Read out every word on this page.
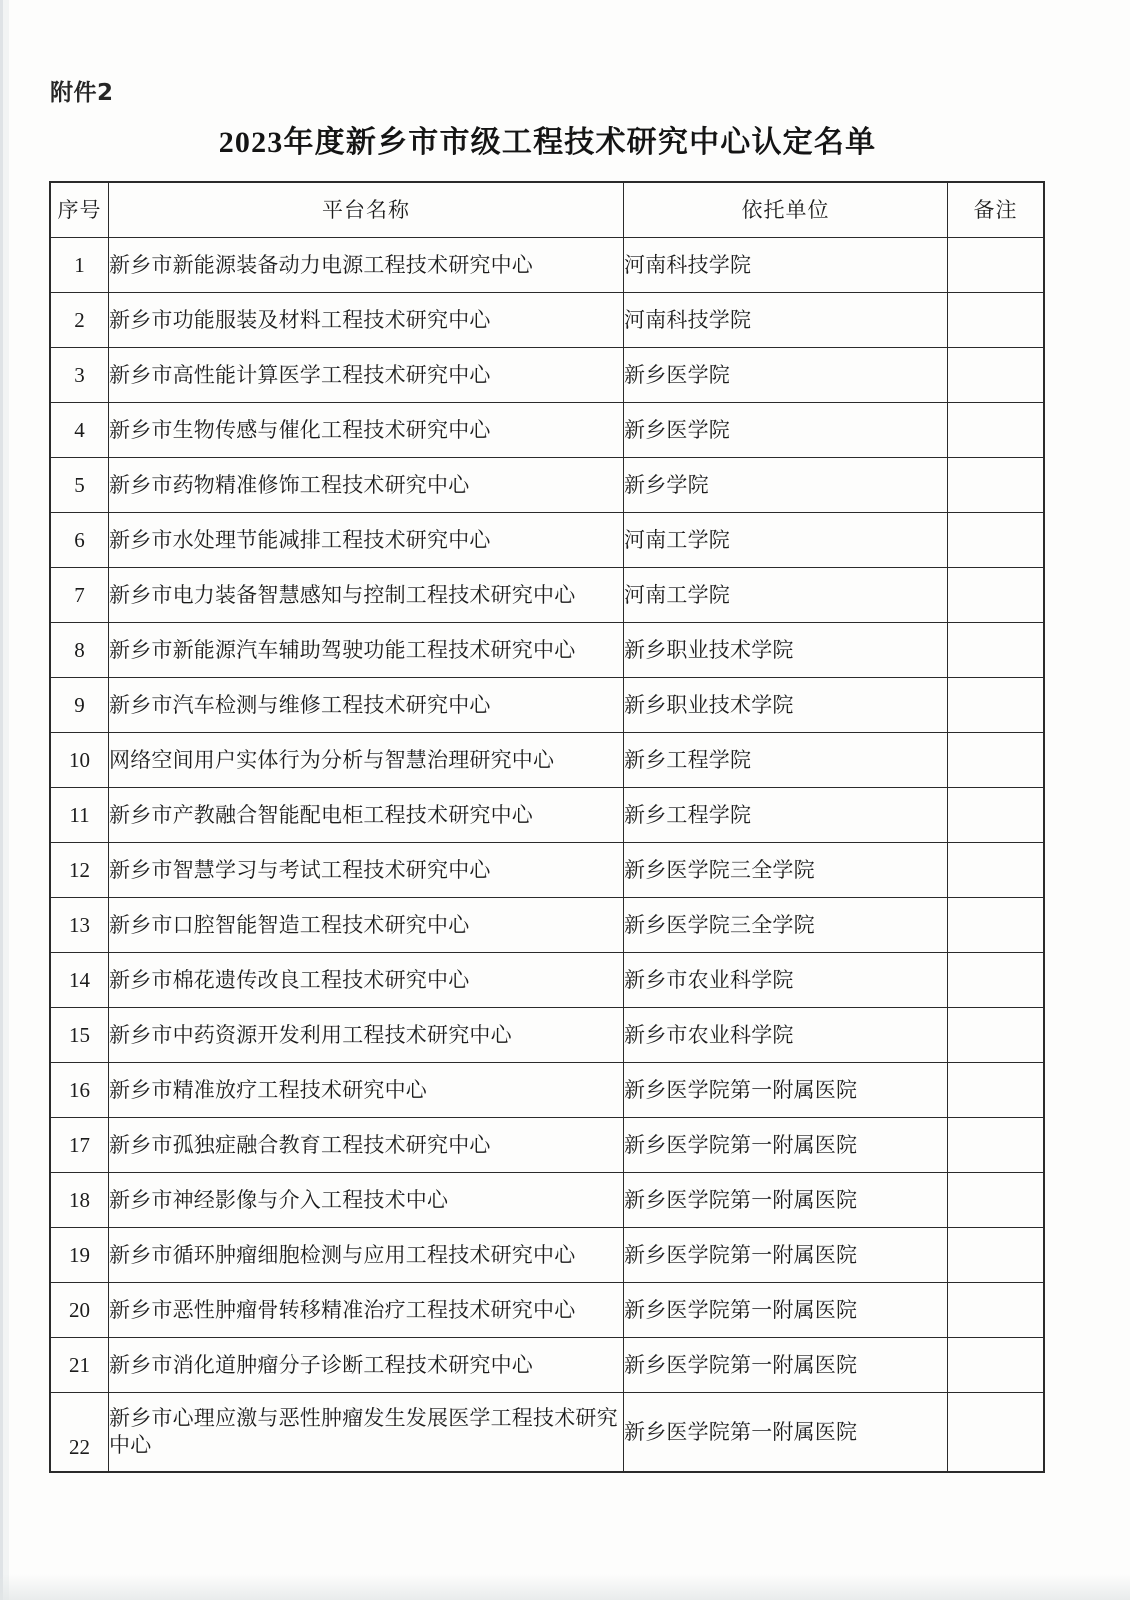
附件2
2023年度新乡市市级工程技术研究中心认定名单
序号	平台名称	依托单位	备注
1	新乡市新能源装备动力电源工程技术研究中心	河南科技学院	
2	新乡市功能服装及材料工程技术研究中心	河南科技学院	
3	新乡市高性能计算医学工程技术研究中心	新乡医学院	
4	新乡市生物传感与催化工程技术研究中心	新乡医学院	
5	新乡市药物精准修饰工程技术研究中心	新乡学院	
6	新乡市水处理节能减排工程技术研究中心	河南工学院	
7	新乡市电力装备智慧感知与控制工程技术研究中心	河南工学院	
8	新乡市新能源汽车辅助驾驶功能工程技术研究中心	新乡职业技术学院	
9	新乡市汽车检测与维修工程技术研究中心	新乡职业技术学院	
10	网络空间用户实体行为分析与智慧治理研究中心	新乡工程学院	
11	新乡市产教融合智能配电柜工程技术研究中心	新乡工程学院	
12	新乡市智慧学习与考试工程技术研究中心	新乡医学院三全学院	
13	新乡市口腔智能智造工程技术研究中心	新乡医学院三全学院	
14	新乡市棉花遗传改良工程技术研究中心	新乡市农业科学院	
15	新乡市中药资源开发利用工程技术研究中心	新乡市农业科学院	
16	新乡市精准放疗工程技术研究中心	新乡医学院第一附属医院	
17	新乡市孤独症融合教育工程技术研究中心	新乡医学院第一附属医院	
18	新乡市神经影像与介入工程技术中心	新乡医学院第一附属医院	
19	新乡市循环肿瘤细胞检测与应用工程技术研究中心	新乡医学院第一附属医院	
20	新乡市恶性肿瘤骨转移精准治疗工程技术研究中心	新乡医学院第一附属医院	
21	新乡市消化道肿瘤分子诊断工程技术研究中心	新乡医学院第一附属医院	
22	新乡市心理应激与恶性肿瘤发生发展医学工程技术研究中心	新乡医学院第一附属医院	
